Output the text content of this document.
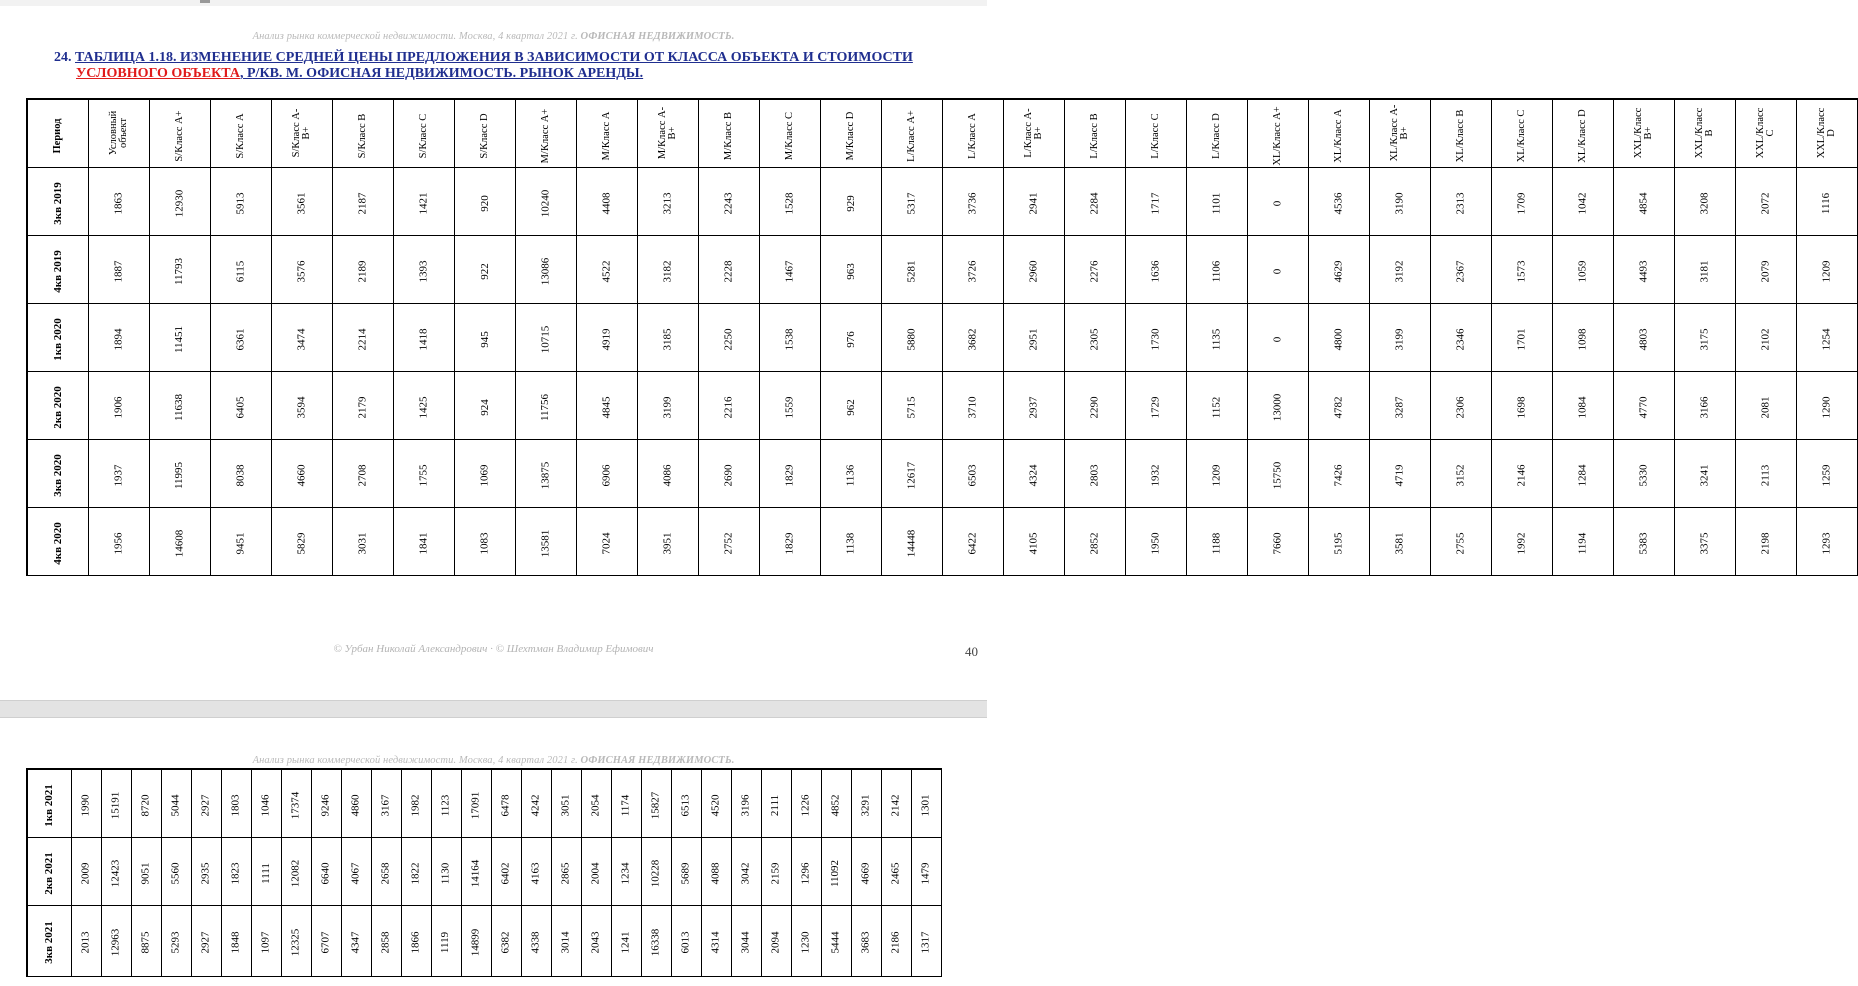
Анализ рынка коммерческой недвижимости. Москва, 4 квартал 2021 г. ОФИСНАЯ НЕДВИЖИМОСТЬ.
24. ТАБЛИЦА 1.18. ИЗМЕНЕНИЕ СРЕДНЕЙ ЦЕНЫ ПРЕДЛОЖЕНИЯ В ЗАВИСИМОСТИ ОТ КЛАССА ОБЪЕКТА И СТОИМОСТИ
УСЛОВНОГО ОБЪЕКТА, Р/КВ. М. ОФИСНАЯ НЕДВИЖИМОСТЬ. РЫНОК АРЕНДЫ.
Период	Условный объект	S/Класс A+	S/Класс A	S/Класс A-B+	S/Класс B	S/Класс C	S/Класс D	M/Класс A+	M/Класс A	M/Класс A-B+	M/Класс B	M/Класс C	M/Класс D	L/Класс A+	L/Класс A	L/Класс A-B+	L/Класс B	L/Класс C	L/Класс D	XL/Класс A+	XL/Класс A	XL/Класс A-B+	XL/Класс B	XL/Класс C	XL/Класс D	XXL/Класс B+	XXL/Класс B	XXL/Класс C	XXL/Класс D
3кв 2019	1863	12930	5913	3561	2187	1421	920	10240	4408	3213	2243	1528	929	5317	3736	2941	2284	1717	1101	0	4536	3190	2313	1709	1042	4854	3208	2072	1116
4кв 2019	1887	11793	6115	3576	2189	1393	922	13086	4522	3182	2228	1467	963	5281	3726	2960	2276	1636	1106	0	4629	3192	2367	1573	1059	4493	3181	2079	1209
1кв 2020	1894	11451	6361	3474	2214	1418	945	10715	4919	3185	2250	1538	976	5880	3682	2951	2305	1730	1135	0	4800	3199	2346	1701	1098	4803	3175	2102	1254
2кв 2020	1906	11638	6405	3594	2179	1425	924	11756	4845	3199	2216	1559	962	5715	3710	2937	2290	1729	1152	13000	4782	3287	2306	1698	1084	4770	3166	2081	1290
3кв 2020	1937	11995	8038	4660	2708	1755	1069	13875	6906	4086	2690	1829	1136	12617	6503	4324	2803	1932	1209	15750	7426	4719	3152	2146	1284	5330	3241	2113	1259
4кв 2020	1956	14608	9451	5829	3031	1841	1083	13581	7024	3951	2752	1829	1138	14448	6422	4105	2852	1950	1188	7660	5195	3581	2755	1992	1194	5383	3375	2198	1293
© Урбан Николай Александрович · © Шехтман Владимир Ефимович	40
Анализ рынка коммерческой недвижимости. Москва, 4 квартал 2021 г. ОФИСНАЯ НЕДВИЖИМОСТЬ.
1кв 2021	1990	15191	8720	5044	2927	1803	1046	17374	9246	4860	3167	1982	1123	17091	6478	4242	3051	2054	1174	15827	6513	4520	3196	2111	1226	4852	3291	2142	1301
2кв 2021	2009	12423	9051	5560	2935	1823	1111	12082	6640	4067	2658	1822	1130	14164	6402	4163	2865	2004	1234	10228	5689	4088	3042	2159	1296	11092	4669	2465	1479
3кв 2021	2013	12963	8875	5293	2927	1848	1097	12325	6707	4347	2858	1866	1119	14899	6382	4338	3014	2043	1241	16338	6013	4314	3044	2094	1230	5444	3683	2186	1317
